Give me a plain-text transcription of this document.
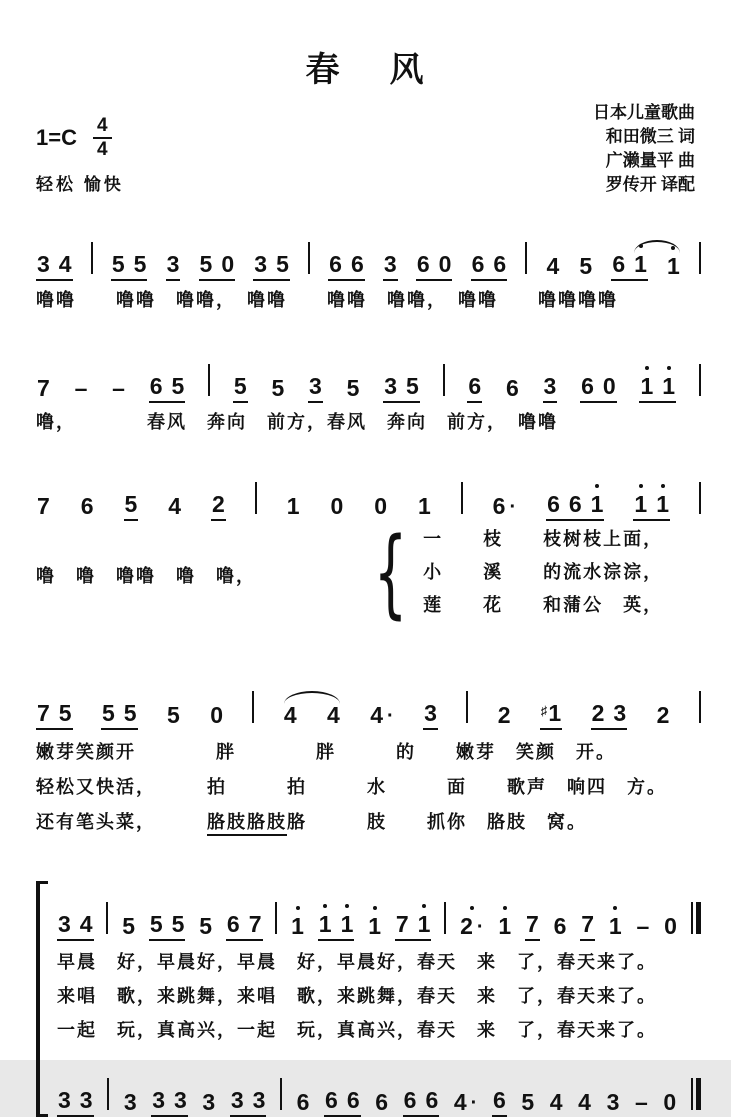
春　风
$1=C \frac{4}{4}$
轻松 愉快
日本儿童歌曲
和田微三 词
广濑量平 曲
罗传开 译配
3 4 5 5 3 5 0 3 5 6 6 3 6 0 6 6 4 5 6 1 1
噜噜　　噜噜　噜噜，　噜噜　　噜噜　噜噜，　噜噜　　噜噜噜噜
7 – – 6 5 5 5 3 5 3 5 6 6 3 6 0 1 1
噜，　　　　春风　奔向　前方，春风　奔向　前方，　噜噜
7 6 5 4 2	1 0 0 1	6 · 6 6 1 1 1
噜　噜　噜噜　噜　噜，	{ 一　　枝　　枝树枝上面，
小　　溪　　的流水淙淙，
莲　　花　　和蒲公　英，
7 5 5 5 5 0	4 4 4 · 3	2 ♯ 1 2 3 2
嫩芽笑颜开　　　　胖　　　　胖　　　的　　嫩芽　笑颜　开。
轻松又快活，　　　拍　　　拍　　　水　　　面　　歌声　响四　方。
还有笔头菜，　　　胳肢胳肢胳　　　肢　　抓你　胳肢　窝。
3 4 5 5 5 5 6 7 1 1 1 1 7 1 2 · 1 7 6 7 1 – 0
早晨　好，早晨好，早晨　好，早晨好，春天　来　了，春天来了。
来唱　歌，来跳舞，来唱　歌，来跳舞，春天　来　了，春天来了。
一起　玩，真高兴，一起　玩，真高兴，春天　来　了，春天来了。
3 3 3 3 3 3 3 3 6 6 6 6 6 6 4 · 6 5 4 4 3 – 0
